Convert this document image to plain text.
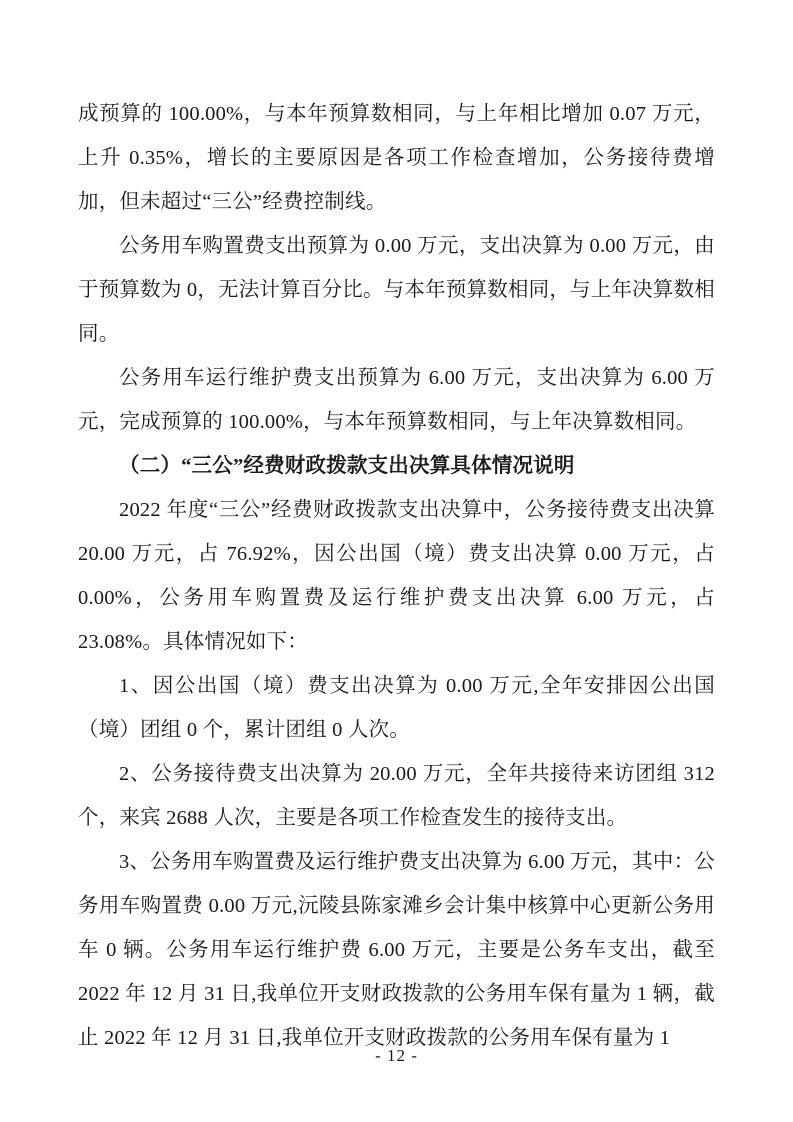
成预算的 100.00%，与本年预算数相同，与上年相比增加 0.07 万元，上升 0.35%，增长的主要原因是各项工作检查增加，公务接待费增加，但未超过“三公”经费控制线。

公务用车购置费支出预算为 0.00 万元，支出决算为 0.00 万元，由于预算数为 0，无法计算百分比。与本年预算数相同，与上年决算数相同。

公务用车运行维护费支出预算为 6.00 万元，支出决算为 6.00 万元，完成预算的 100.00%，与本年预算数相同，与上年决算数相同。

（二）“三公”经费财政拨款支出决算具体情况说明

2022 年度“三公”经费财政拨款支出决算中，公务接待费支出决算 20.00 万元，占 76.92%，因公出国（境）费支出决算 0.00 万元，占 0.00%，公务用车购置费及运行维护费支出决算 6.00 万元，占 23.08%。具体情况如下：

1、因公出国（境）费支出决算为 0.00 万元,全年安排因公出国（境）团组 0 个，累计团组 0 人次。

2、公务接待费支出决算为 20.00 万元，全年共接待来访团组 312 个，来宾 2688 人次，主要是各项工作检查发生的接待支出。

3、公务用车购置费及运行维护费支出决算为 6.00 万元，其中：公务用车购置费 0.00 万元,沅陵县陈家滩乡会计集中核算中心更新公务用车 0 辆。公务用车运行维护费 6.00 万元，主要是公务车支出，截至 2022 年 12 月 31 日,我单位开支财政拨款的公务用车保有量为 1 辆，截止 2022 年 12 月 31 日,我单位开支财政拨款的公务用车保有量为 1

- 12 -
